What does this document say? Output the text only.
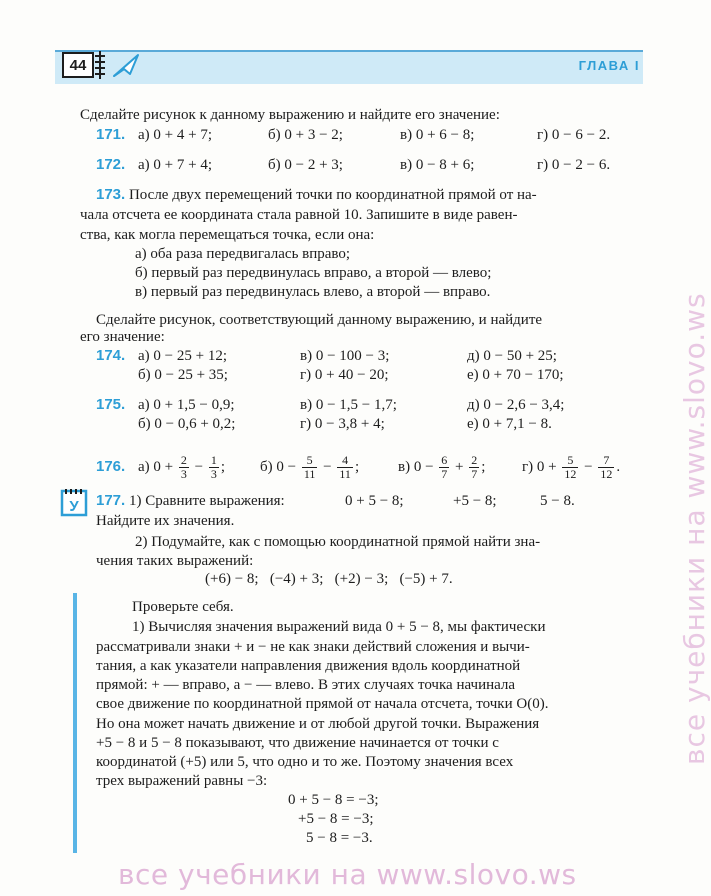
44	ГЛАВА I
Сделайте рисунок к данному выражению и найдите его значение:
171. а) 0 + 4 + 7;	б) 0 + 3 − 2;	в) 0 + 6 − 8;	г) 0 − 6 − 2.
172. а) 0 + 7 + 4;	б) 0 − 2 + 3;	в) 0 − 8 + 6;	г) 0 − 2 − 6.
173. После двух перемещений точки по координатной прямой от на-
чала отсчета ее координата стала равной 10. Запишите в виде равен-
ства, как могла перемещаться точка, если она:
а) оба раза передвигалась вправо;
б) первый раз передвинулась вправо, а второй — влево;
в) первый раз передвинулась влево, а второй — вправо.
Сделайте рисунок, соответствующий данному выражению, и найдите
его значение:
174. а) 0 − 25 + 12;	в) 0 − 100 − 3;	д) 0 − 50 + 25;
б) 0 − 25 + 35;	г) 0 + 40 − 20;	е) 0 + 70 − 170;
175. а) 0 + 1,5 − 0,9;	в) 0 − 1,5 − 1,7;	д) 0 − 2,6 − 3,4;
б) 0 − 0,6 + 0,2;	г) 0 − 3,8 + 4;	е) 0 + 7,1 − 8.
176. а) $0 + \frac{2}{3} - \frac{1}{3}$ ; б) $0 - \frac{5}{11} - \frac{4}{11}$ ;	в) $0 - \frac{6}{7} + \frac{2}{7}$ ; г) $0 + \frac{5}{12} - \frac{7}{12}$ .
У 177. 1) Сравните выражения:	0 + 5 − 8;	+5 − 8;	5 − 8.
Найдите их значения.
2) Подумайте, как с помощью координатной прямой найти зна-
чения таких выражений:
(+6) − 8;   (−4) + 3;   (+2) − 3;   (−5) + 7.
Проверьте себя.
1) Вычисляя значения выражений вида 0 + 5 − 8, мы фактически
рассматривали знаки + и − не как знаки действий сложения и вычи-
тания, а как указатели направления движения вдоль координатной
прямой: + — вправо, а − — влево. В этих случаях точка начинала
свое движение по координатной прямой от начала отсчета, точки O(0).
Но она может начать движение и от любой другой точки. Выражения
+5 − 8 и 5 − 8 показывают, что движение начинается от точки с
координатой (+5) или 5, что одно и то же. Поэтому значения всех
трех выражений равны −3:
0 + 5 − 8 = −3;
+5 − 8 = −3;
5 − 8 = −3.
все учебники на www.slovo.ws
все учебники на www.slovo.ws
